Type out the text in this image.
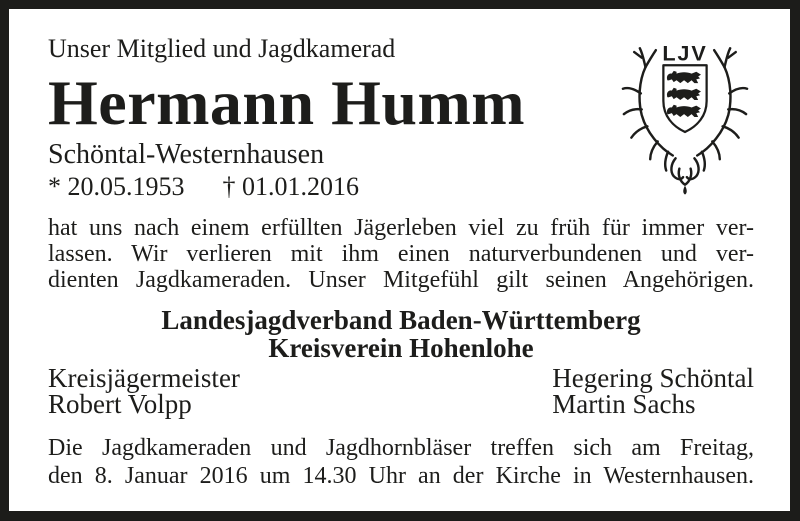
LJV
Unser Mitglied und Jagdkamerad
Hermann Humm
Schöntal-Westernhausen
* 20.05.1953 † 01.01.2016
hat uns nach einem erfüllten Jägerleben viel zu früh für immer ver-
lassen. Wir verlieren mit ihm einen naturverbundenen und ver-
dienten Jagdkameraden. Unser Mitgefühl gilt seinen Angehörigen.
Landesjagdverband Baden-Württemberg
Kreisverein Hohenlohe
Kreisjägermeister
Robert Volpp
Hegering Schöntal
Martin Sachs
Die Jagdkameraden und Jagdhornbläser treffen sich am Freitag,
den 8. Januar 2016 um 14.30 Uhr an der Kirche in Westernhausen.
